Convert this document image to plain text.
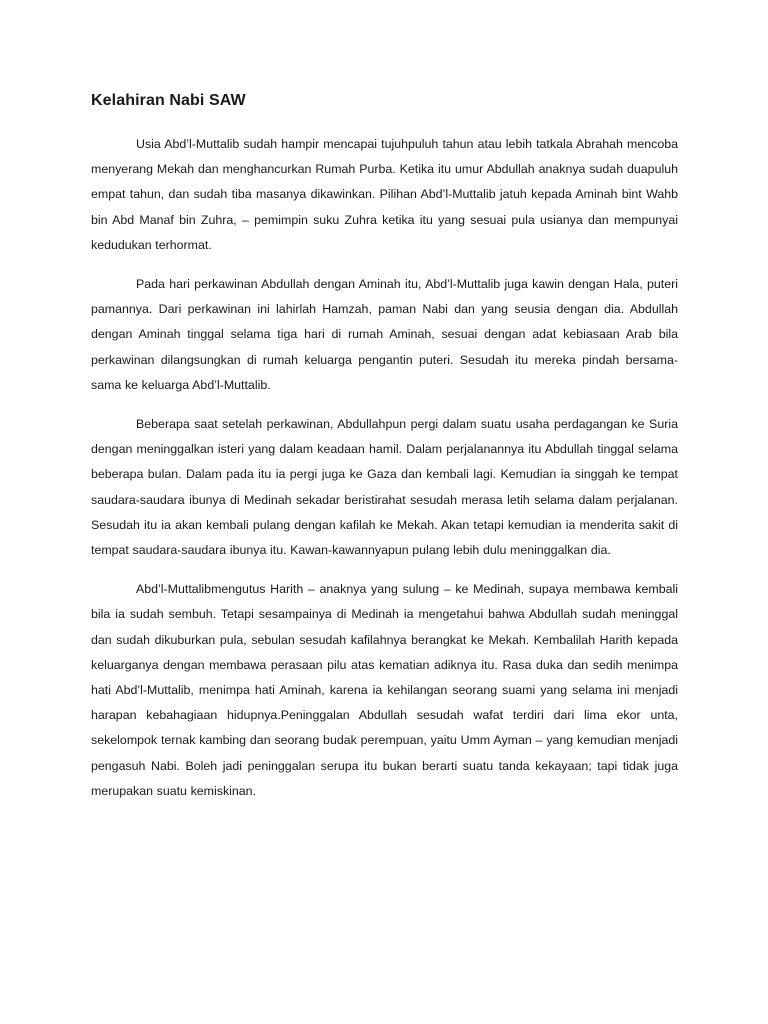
Kelahiran Nabi SAW

Usia Abd’l-Muttalib sudah hampir mencapai tujuhpuluh tahun atau lebih tatkala Abrahah mencoba menyerang Mekah dan menghancurkan Rumah Purba. Ketika itu umur Abdullah anaknya sudah duapuluh empat tahun, dan sudah tiba masanya dikawinkan. Pilihan Abd’l-Muttalib jatuh kepada Aminah bint Wahb bin Abd Manaf bin Zuhra, – pemimpin suku Zuhra ketika itu yang sesuai pula usianya dan mempunyai kedudukan terhormat.

Pada hari perkawinan Abdullah dengan Aminah itu, Abd’l-Muttalib juga kawin dengan Hala, puteri pamannya. Dari perkawinan ini lahirlah Hamzah, paman Nabi dan yang seusia dengan dia. Abdullah dengan Aminah tinggal selama tiga hari di rumah Aminah, sesuai dengan adat kebiasaan Arab bila perkawinan dilangsungkan di rumah keluarga pengantin puteri. Sesudah itu mereka pindah bersama-sama ke keluarga Abd’l-Muttalib.

Beberapa saat setelah perkawinan, Abdullahpun pergi dalam suatu usaha perdagangan ke Suria dengan meninggalkan isteri yang dalam keadaan hamil. Dalam perjalanannya itu Abdullah tinggal selama beberapa bulan. Dalam pada itu ia pergi juga ke Gaza dan kembali lagi. Kemudian ia singgah ke tempat saudara-saudara ibunya di Medinah sekadar beristirahat sesudah merasa letih selama dalam perjalanan. Sesudah itu ia akan kembali pulang dengan kafilah ke Mekah. Akan tetapi kemudian ia menderita sakit di tempat saudara-saudara ibunya itu. Kawan-kawannyapun pulang lebih dulu meninggalkan dia.

Abd’l-Muttalibmengutus Harith – anaknya yang sulung – ke Medinah, supaya membawa kembali bila ia sudah sembuh. Tetapi sesampainya di Medinah ia mengetahui bahwa Abdullah sudah meninggal dan sudah dikuburkan pula, sebulan sesudah kafilahnya berangkat ke Mekah. Kembalilah Harith kepada keluarganya dengan membawa perasaan pilu atas kematian adiknya itu. Rasa duka dan sedih menimpa hati Abd’l-Muttalib, menimpa hati Aminah, karena ia kehilangan seorang suami yang selama ini menjadi harapan kebahagiaan hidupnya.Peninggalan Abdullah sesudah wafat terdiri dari lima ekor unta, sekelompok ternak kambing dan seorang budak perempuan, yaitu Umm Ayman – yang kemudian menjadi pengasuh Nabi. Boleh jadi peninggalan serupa itu bukan berarti suatu tanda kekayaan; tapi tidak juga merupakan suatu kemiskinan.
